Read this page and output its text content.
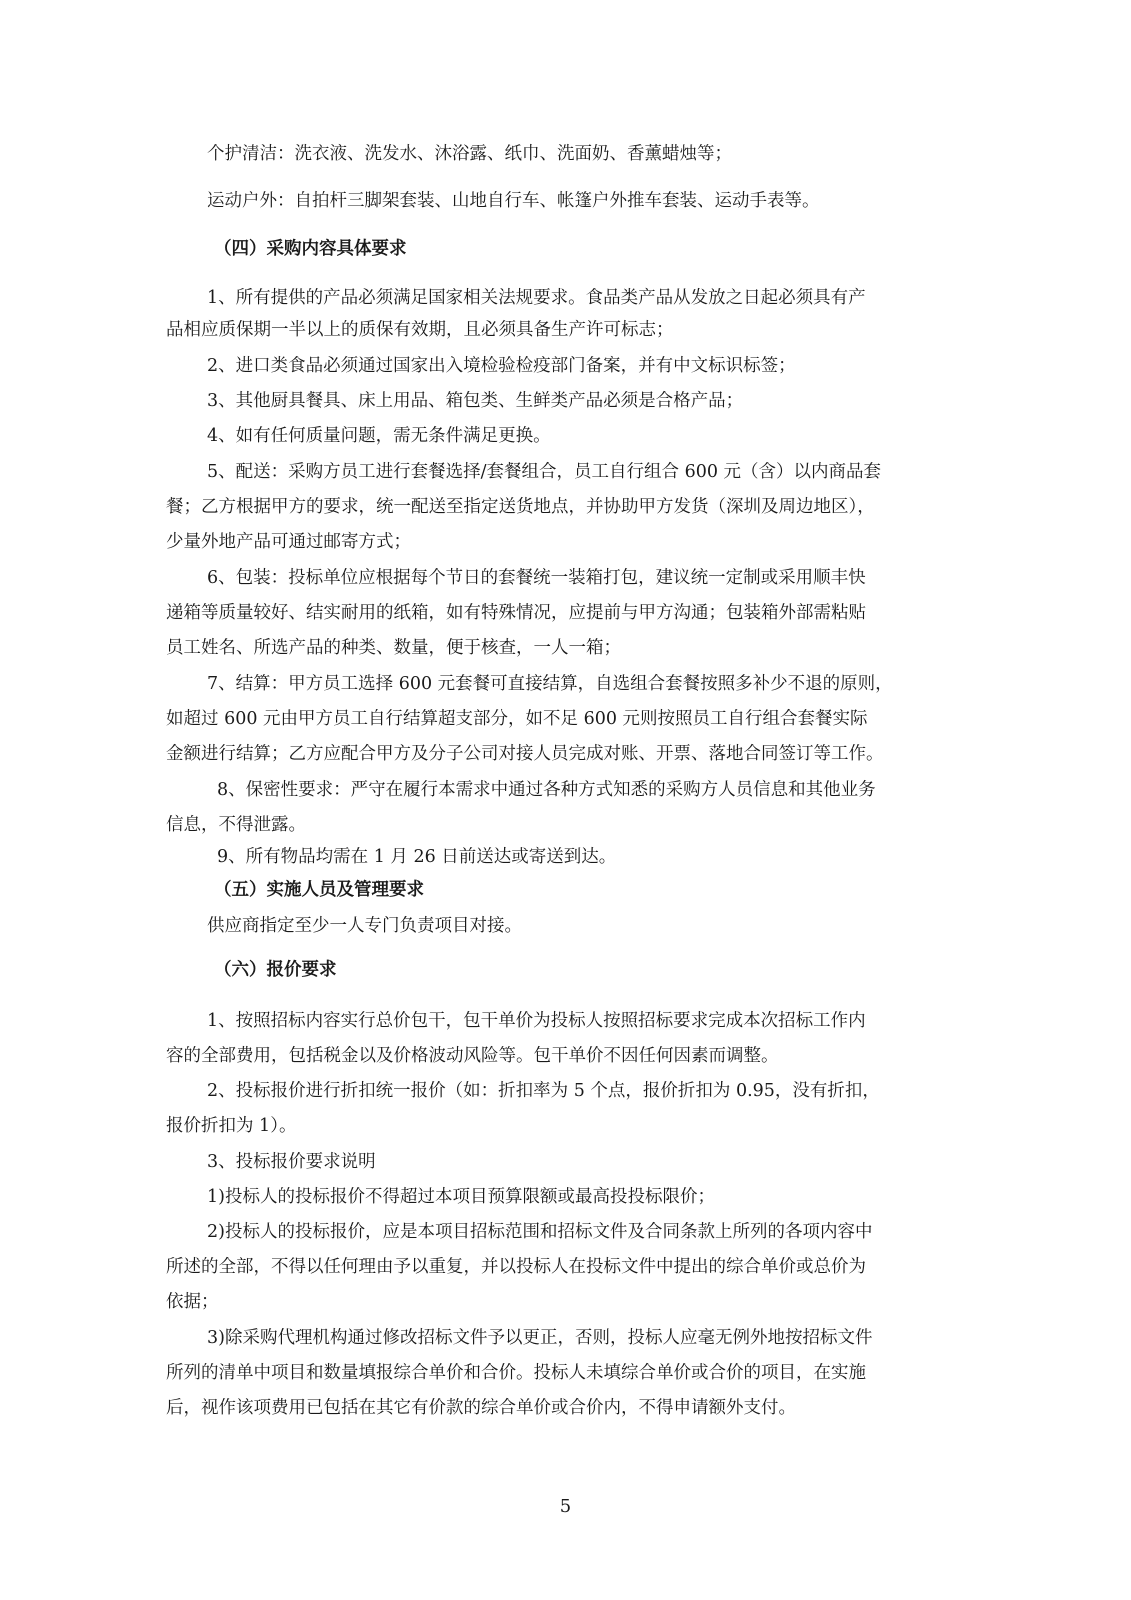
个护清洁：洗衣液、洗发水、沐浴露、纸巾、洗面奶、香薰蜡烛等；

运动户外：自拍杆三脚架套装、山地自行车、帐篷户外推车套装、运动手表等。

（四）采购内容具体要求

1、所有提供的产品必须满足国家相关法规要求。食品类产品从发放之日起必须具有产

品相应质保期一半以上的质保有效期，且必须具备生产许可标志；

2、进口类食品必须通过国家出入境检验检疫部门备案，并有中文标识标签；

3、其他厨具餐具、床上用品、箱包类、生鲜类产品必须是合格产品；

4、如有任何质量问题，需无条件满足更换。

5、配送：采购方员工进行套餐选择/套餐组合，员工自行组合 600 元（含）以内商品套

餐；乙方根据甲方的要求，统一配送至指定送货地点，并协助甲方发货（深圳及周边地区），

少量外地产品可通过邮寄方式；

6、包装：投标单位应根据每个节日的套餐统一装箱打包，建议统一定制或采用顺丰快

递箱等质量较好、结实耐用的纸箱，如有特殊情况，应提前与甲方沟通；包装箱外部需粘贴

员工姓名、所选产品的种类、数量，便于核查，一人一箱；

7、结算：甲方员工选择 600 元套餐可直接结算，自选组合套餐按照多补少不退的原则，

如超过 600 元由甲方员工自行结算超支部分，如不足 600 元则按照员工自行组合套餐实际

金额进行结算；乙方应配合甲方及分子公司对接人员完成对账、开票、落地合同签订等工作。

8、保密性要求：严守在履行本需求中通过各种方式知悉的采购方人员信息和其他业务

信息，不得泄露。

9、所有物品均需在 1 月 26 日前送达或寄送到达。

（五）实施人员及管理要求

供应商指定至少一人专门负责项目对接。

（六）报价要求

1、按照招标内容实行总价包干，包干单价为投标人按照招标要求完成本次招标工作内

容的全部费用，包括税金以及价格波动风险等。包干单价不因任何因素而调整。

2、投标报价进行折扣统一报价（如：折扣率为 5 个点，报价折扣为 0.95，没有折扣，

报价折扣为 1）。

3、投标报价要求说明

1)投标人的投标报价不得超过本项目预算限额或最高投投标限价；

2)投标人的投标报价，应是本项目招标范围和招标文件及合同条款上所列的各项内容中

所述的全部，不得以任何理由予以重复，并以投标人在投标文件中提出的综合单价或总价为

依据；

3)除采购代理机构通过修改招标文件予以更正，否则，投标人应毫无例外地按招标文件

所列的清单中项目和数量填报综合单价和合价。投标人未填综合单价或合价的项目，在实施

后，视作该项费用已包括在其它有价款的综合单价或合价内，不得申请额外支付。

5
